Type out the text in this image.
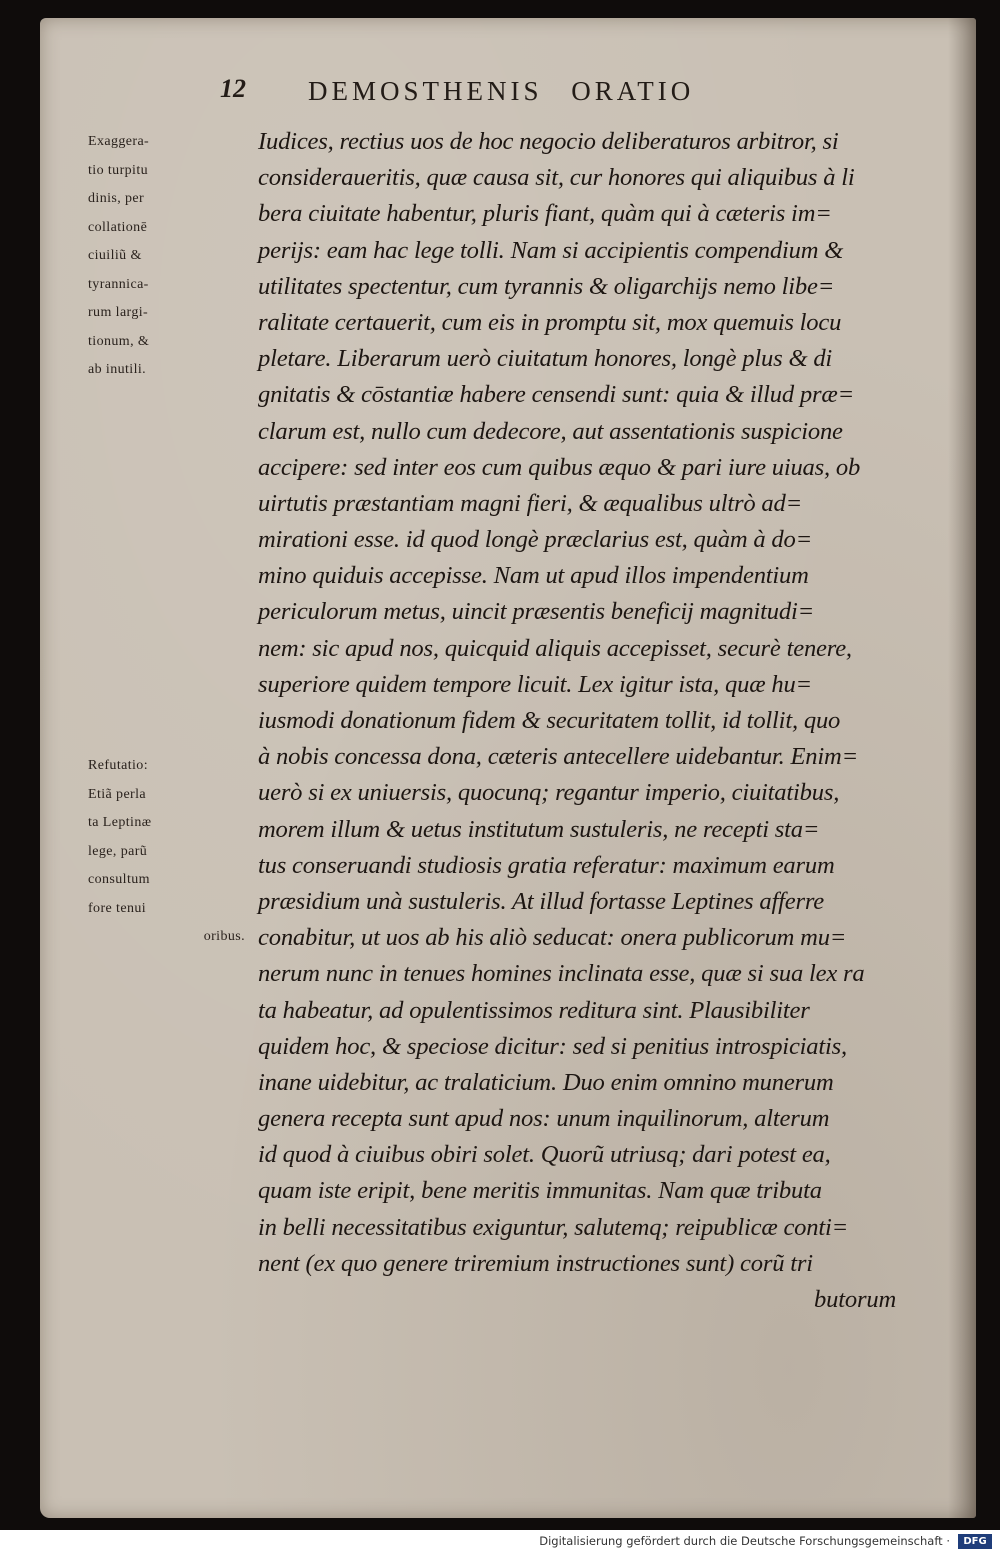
12 DEMOSTHENIS ORATIO
Exaggera-
tio turpitu
dinis, per
collationē
ciuiliũ &
tyrannica-
rum largi-
tionum, &
ab inutili.
Refutatio:
Etiã perla
ta Leptinæ
lege, parũ
consultum
fore tenui
oribus.
Iudices, rectius uos de hoc negocio deliberaturos arbitror, si
consideraueritis, quæ causa sit, cur honores qui aliquibus à li
bera ciuitate habentur, pluris fiant, quàm qui à cæteris im=
perijs: eam hac lege tolli. Nam si accipientis compendium &
utilitates spectentur, cum tyrannis & oligarchijs nemo libe=
ralitate certauerit, cum eis in promptu sit, mox quemuis locu
pletare. Liberarum uerò ciuitatum honores, longè plus & di
gnitatis & cōstantiæ habere censendi sunt: quia & illud præ=
clarum est, nullo cum dedecore, aut assentationis suspicione
accipere: sed inter eos cum quibus æquo & pari iure uiuas, ob
uirtutis præstantiam magni fieri, & æqualibus ultrò ad=
mirationi esse. id quod longè præclarius est, quàm à do=
mino quiduis accepisse. Nam ut apud illos impendentium
periculorum metus, uincit præsentis beneficij magnitudi=
nem: sic apud nos, quicquid aliquis accepisset, securè tenere,
superiore quidem tempore licuit. Lex igitur ista, quæ hu=
iusmodi donationum fidem & securitatem tollit, id tollit, quo
à nobis concessa dona, cæteris antecellere uidebantur. Enim=
uerò si ex uniuersis, quocunq; regantur imperio, ciuitatibus,
morem illum & uetus institutum sustuleris, ne recepti sta=
tus conseruandi studiosis gratia referatur: maximum earum
præsidium unà sustuleris. At illud fortasse Leptines afferre
conabitur, ut uos ab his aliò seducat: onera publicorum mu=
nerum nunc in tenues homines inclinata esse, quæ si sua lex ra
ta habeatur, ad opulentissimos reditura sint. Plausibiliter
quidem hoc, & speciose dicitur: sed si penitius introspiciatis,
inane uidebitur, ac tralaticium. Duo enim omnino munerum
genera recepta sunt apud nos: unum inquilinorum, alterum
id quod à ciuibus obiri solet. Quorũ utriusq; dari potest ea,
quam iste eripit, bene meritis immunitas. Nam quæ tributa
in belli necessitatibus exiguntur, salutemq; reipublicæ conti=
nent (ex quo genere triremium instructiones sunt) corũ tri
butorum
Digitalisierung gefördert durch die Deutsche Forschungsgemeinschaft ·	DFG
